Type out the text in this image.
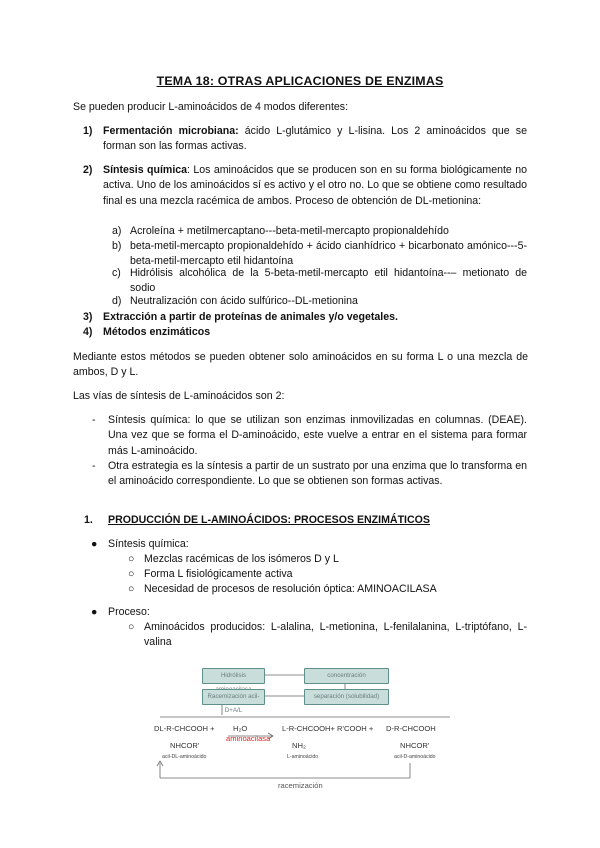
TEMA 18: OTRAS APLICACIONES DE ENZIMAS
Se pueden producir L-aminoácidos de 4 modos diferentes:
1) Fermentación microbiana: ácido L-glutámico y L-lisina. Los 2 aminoácidos que se forman son las formas activas.
2) Síntesis química: Los aminoácidos que se producen son en su forma biológicamente no activa. Uno de los aminoácidos sí es activo y el otro no. Lo que se obtiene como resultado final es una mezcla racémica de ambos. Proceso de obtención de DL-metionina:
a) Acroleína + metilmercaptano---beta-metil-mercapto propionaldehído
b) beta-metil-mercapto propionaldehído + ácido cianhídrico + bicarbonato amónico---5-beta-metil-mercapto etil hidantoína
c) Hidrólisis alcohólica de la 5-beta-metil-mercapto etil hidantoína--– metionato de sodio
d) Neutralización con ácido sulfúrico--DL-metionina
3) Extracción a partir de proteínas de animales y/o vegetales.
4) Métodos enzimáticos
Mediante estos métodos se pueden obtener solo aminoácidos en su forma L o una mezcla de ambos, D y L.
Las vías de síntesis de L-aminoácidos son 2:
- Síntesis química: lo que se utilizan son enzimas inmovilizadas en columnas. (DEAE). Una vez que se forma el D-aminoácido, este vuelve a entrar en el sistema para formar más L-aminoácido.
- Otra estrategia es la síntesis a partir de un sustrato por una enzima que lo transforma en el aminoácido correspondiente. Lo que se obtienen son formas activas.
1. PRODUCCIÓN DE L-AMINOÁCIDOS: PROCESOS ENZIMÁTICOS
● Síntesis química:
○ Mezclas racémicas de los isómeros D y L
○ Forma L fisiológicamente activa
○ Necesidad de procesos de resolución óptica: AMINOACILASA
● Proceso:
○ Aminoácidos producidos: L-alalina, L-metionina, L-fenilalanina, L-triptófano, L-valina
Hidrólisis	concentración
Racemización acil-D+A/L
separación (solubilidad)
DL-R-CHCOOH + H₂O	L-R-CHCOOH+ R'COOH + D-R-CHCOOH
aminoacilasa
NHCOR'	NH₂	NHCOR'
acil-DL-aminoácido	L-aminoácido	acil-D-aminoácido
racemización
